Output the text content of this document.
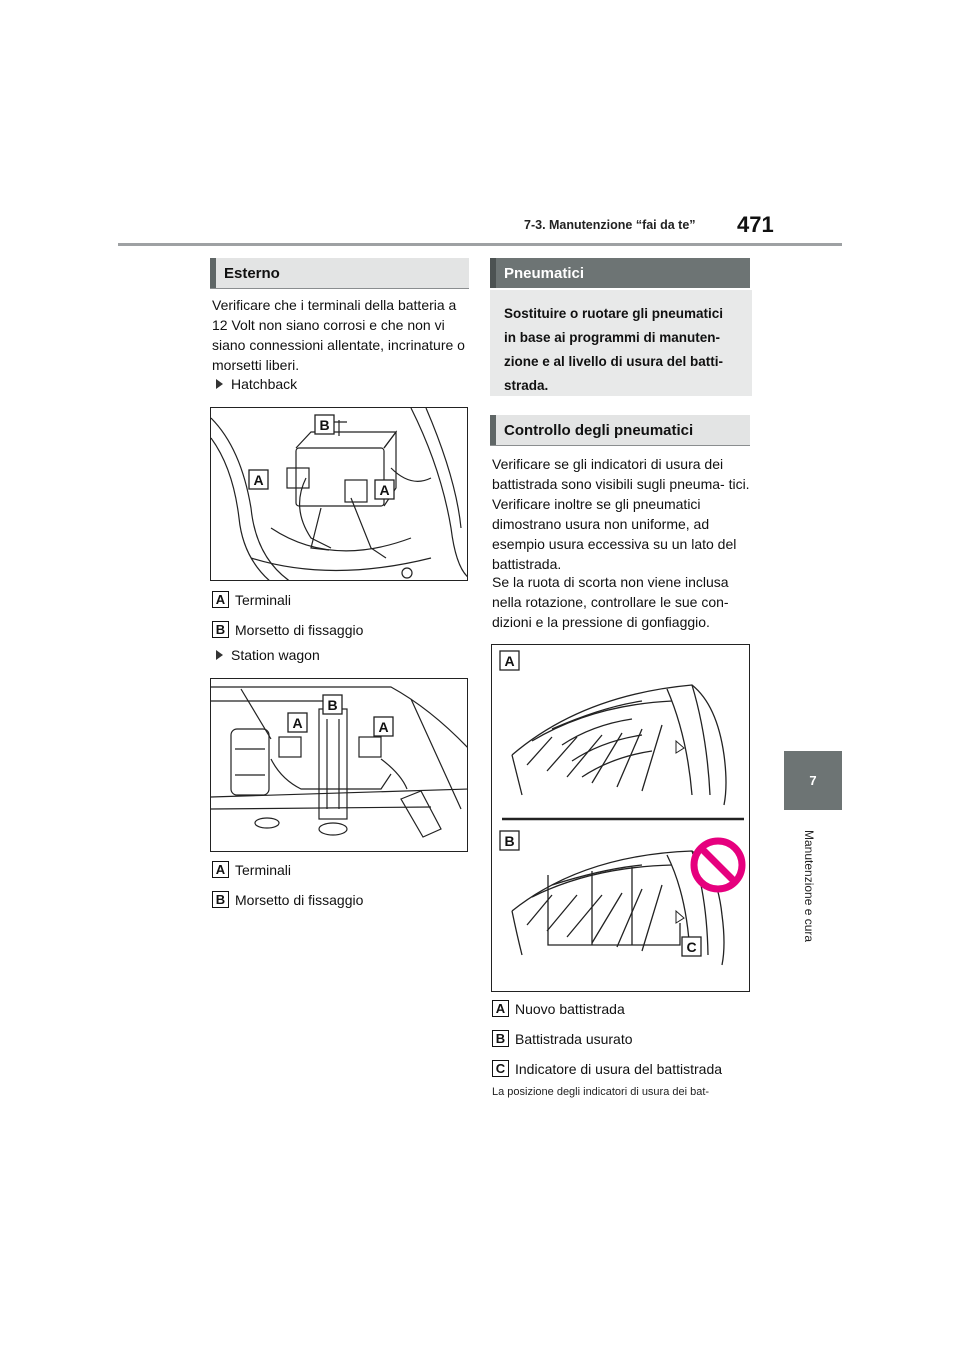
7-3. Manutenzione “fai da te” 471
7
Manutenzione e cura
Esterno
Verificare che i terminali della batteria a 12 Volt non siano corrosi e che non vi siano connessioni allentate, incrinature o morsetti liberi.
Hatchback
B
A
A
A Terminali
B Morsetto di fissaggio
Station wagon
B
A	A
A Terminali
B Morsetto di fissaggio
Pneumatici
Sostituire o ruotare gli pneumatici in base ai programmi di manuten- zione e al livello di usura del batti- strada.
Controllo degli pneumatici
Verificare se gli indicatori di usura dei battistrada sono visibili sugli pneuma- tici. Verificare inoltre se gli pneumatici dimostrano usura non uniforme, ad esempio usura eccessiva su un lato del battistrada.
Se la ruota di scorta non viene inclusa nella rotazione, controllare le sue con- dizioni e la pressione di gonfiaggio.
A
B
C
A Nuovo battistrada
B Battistrada usurato
C Indicatore di usura del battistrada
La posizione degli indicatori di usura dei bat-
